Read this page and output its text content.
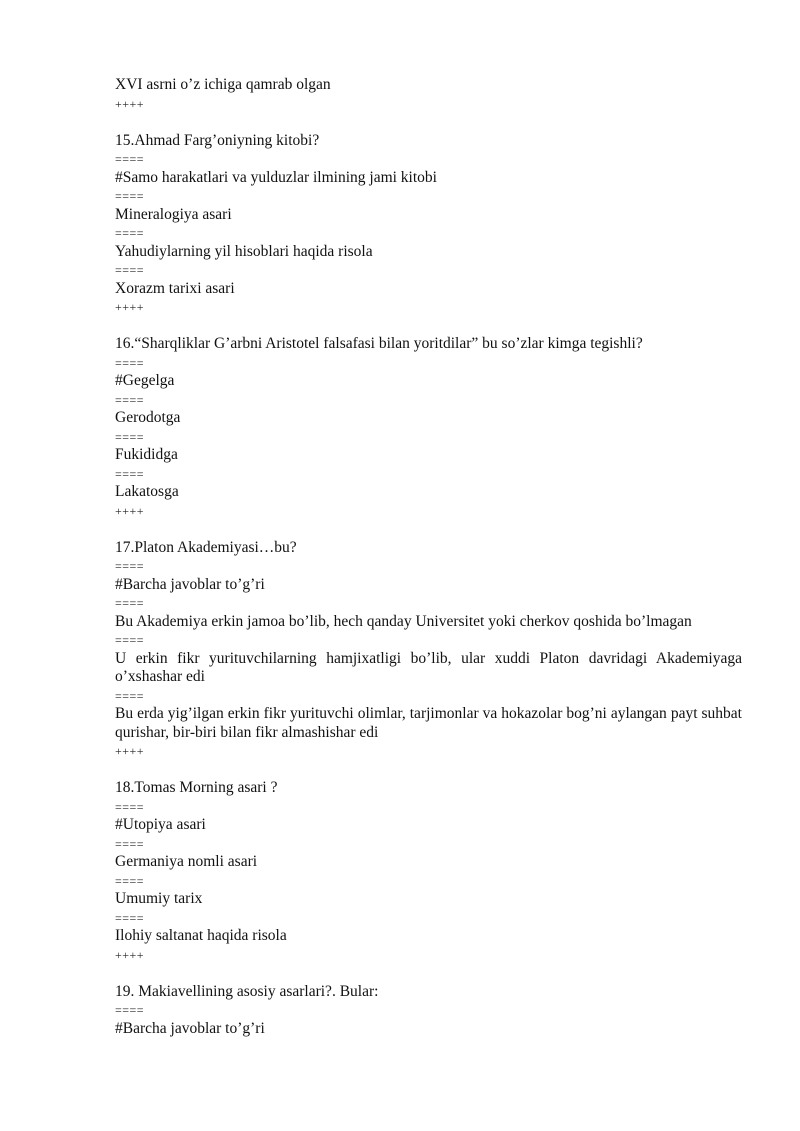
XVI asrni o’z ichiga qamrab olgan
++++
15.Ahmad Farg’oniyning kitobi?
====
#Samo harakatlari va yulduzlar ilmining jami kitobi
====
Mineralogiya asari
====
Yahudiylarning yil hisoblari haqida risola
====
Xorazm tarixi asari
++++
16.“Sharqliklar G’arbni Aristotel falsafasi bilan yoritdilar” bu so’zlar kimga tegishli?
====
#Gegelga
====
Gerodotga
====
Fukididga
====
Lakatosga
++++
17.Platon Akademiyasi…bu?
====
#Barcha javoblar to’g’ri
====
Bu Akademiya erkin jamoa bo’lib, hech qanday Universitet yoki cherkov qoshida bo’lmagan
====
U erkin fikr yurituvchilarning hamjixatligi bo’lib, ular xuddi Platon davridagi Akademiyaga o’xshashar edi
====
Bu erda yig’ilgan erkin fikr yurituvchi olimlar, tarjimonlar va hokazolar bog’ni aylangan payt suhbat qurishar, bir-biri bilan fikr almashishar edi
++++
18.Tomas Morning asari ?
====
#Utopiya asari
====
Germaniya nomli asari
====
Umumiy tarix
====
Ilohiy saltanat haqida risola
++++
19. Makiavellining asosiy asarlari?. Bular:
====
#Barcha javoblar to’g’ri
